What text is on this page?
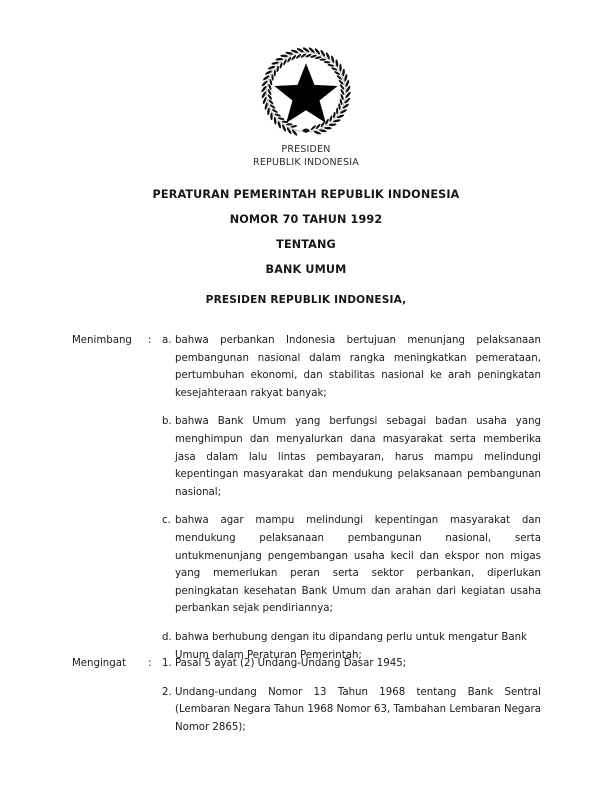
PRESIDEN
REPUBLIK INDONESIA
PERATURAN PEMERINTAH REPUBLIK INDONESIA
NOMOR 70 TAHUN 1992
TENTANG
BANK UMUM
PRESIDEN REPUBLIK INDONESIA,
Menimbang	:	a. bahwa perbankan Indonesia bertujuan menunjang pelaksanaan pembangunan nasional dalam rangka meningkatkan pemerataan, pertumbuhan ekonomi, dan stabilitas nasional ke arah peningkatan kesejahteraan rakyat banyak;
b. bahwa Bank Umum yang berfungsi sebagai badan usaha yang menghimpun dan menyalurkan dana masyarakat serta memberika jasa dalam lalu lintas pembayaran, harus mampu melindungi kepentingan masyarakat dan mendukung pelaksanaan pembangunan nasional;
c. bahwa agar mampu melindungi kepentingan masyarakat dan mendukung pelaksanaan pembangunan nasional, serta untukmenunjang pengembangan usaha kecil dan ekspor non migas yang memerlukan peran serta sektor perbankan, diperlukan peningkatan kesehatan Bank Umum dan arahan dari kegiatan usaha perbankan sejak pendiriannya;
d. bahwa berhubung dengan itu dipandang perlu untuk mengatur Bank Umum dalam Peraturan Pemerintah;
Mengingat	:	1. Pasal 5 ayat (2) Undang-Undang Dasar 1945;
2. Undang-undang Nomor 13 Tahun 1968 tentang Bank Sentral (Lembaran Negara Tahun 1968 Nomor 63, Tambahan Lembaran Negara Nomor 2865);
